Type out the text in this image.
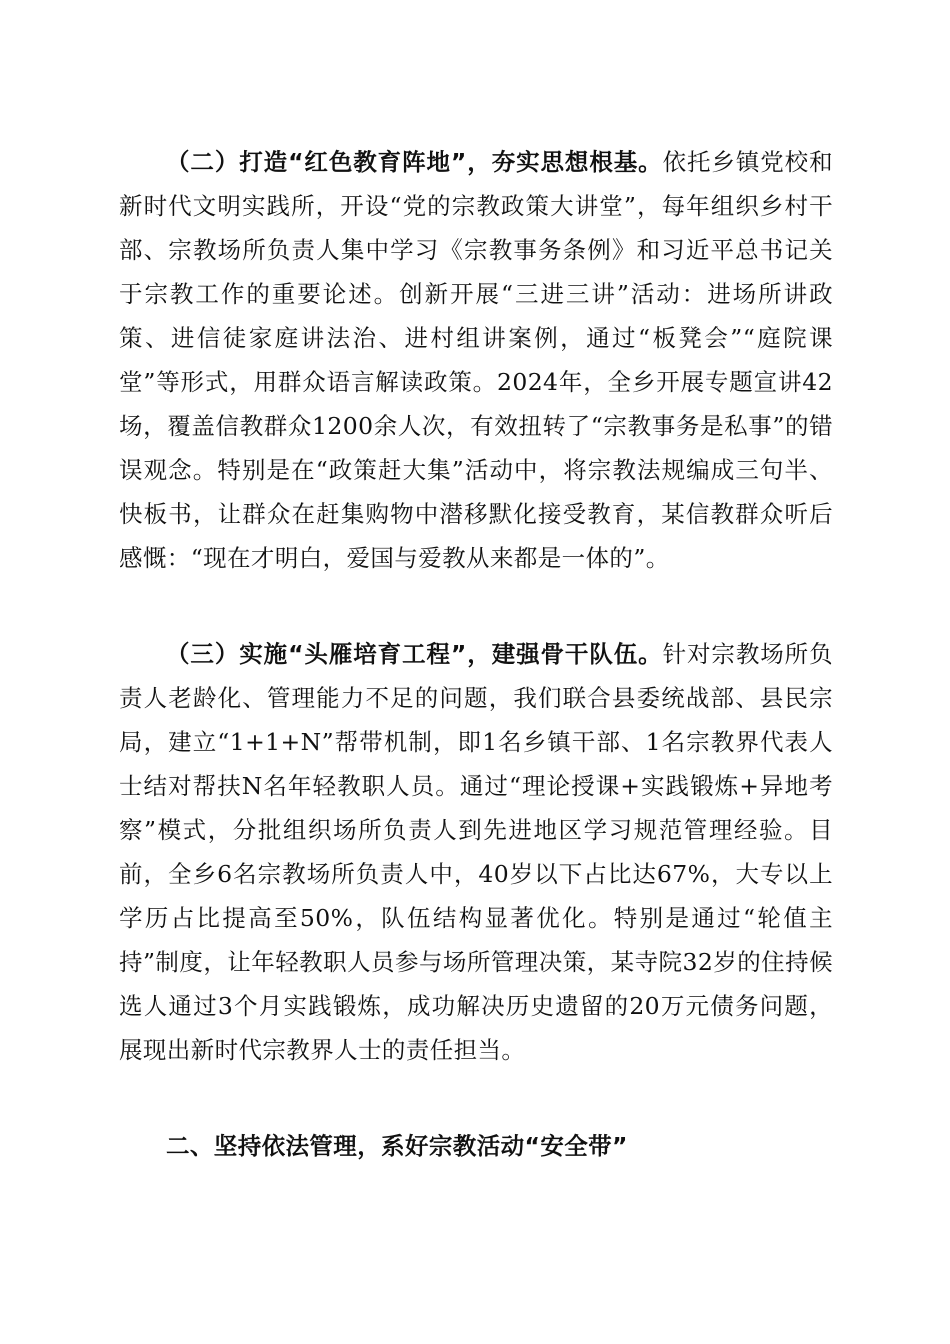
（二）打造“红色教育阵地”，夯实思想根基。依托乡镇党校和新时代文明实践所，开设“党的宗教政策大讲堂”，每年组织乡村干部、宗教场所负责人集中学习《宗教事务条例》和习近平总书记关于宗教工作的重要论述。创新开展“三进三讲”活动：进场所讲政策、进信徒家庭讲法治、进村组讲案例，通过“板凳会”“庭院课堂”等形式，用群众语言解读政策。2024年，全乡开展专题宣讲42场，覆盖信教群众1200余人次，有效扭转了“宗教事务是私事”的错误观念。特别是在“政策赶大集”活动中，将宗教法规编成三句半、快板书，让群众在赶集购物中潜移默化接受教育，某信教群众听后感慨：“现在才明白，爱国与爱教从来都是一体的”。

（三）实施“头雁培育工程”，建强骨干队伍。针对宗教场所负责人老龄化、管理能力不足的问题，我们联合县委统战部、县民宗局，建立“1+1+N”帮带机制，即1名乡镇干部、1名宗教界代表人士结对帮扶N名年轻教职人员。通过“理论授课+实践锻炼+异地考察”模式，分批组织场所负责人到先进地区学习规范管理经验。目前，全乡6名宗教场所负责人中，40岁以下占比达67%，大专以上学历占比提高至50%，队伍结构显著优化。特别是通过“轮值主持”制度，让年轻教职人员参与场所管理决策，某寺院32岁的住持候选人通过3个月实践锻炼，成功解决历史遗留的20万元债务问题，展现出新时代宗教界人士的责任担当。

二、坚持依法管理，系好宗教活动“安全带”
